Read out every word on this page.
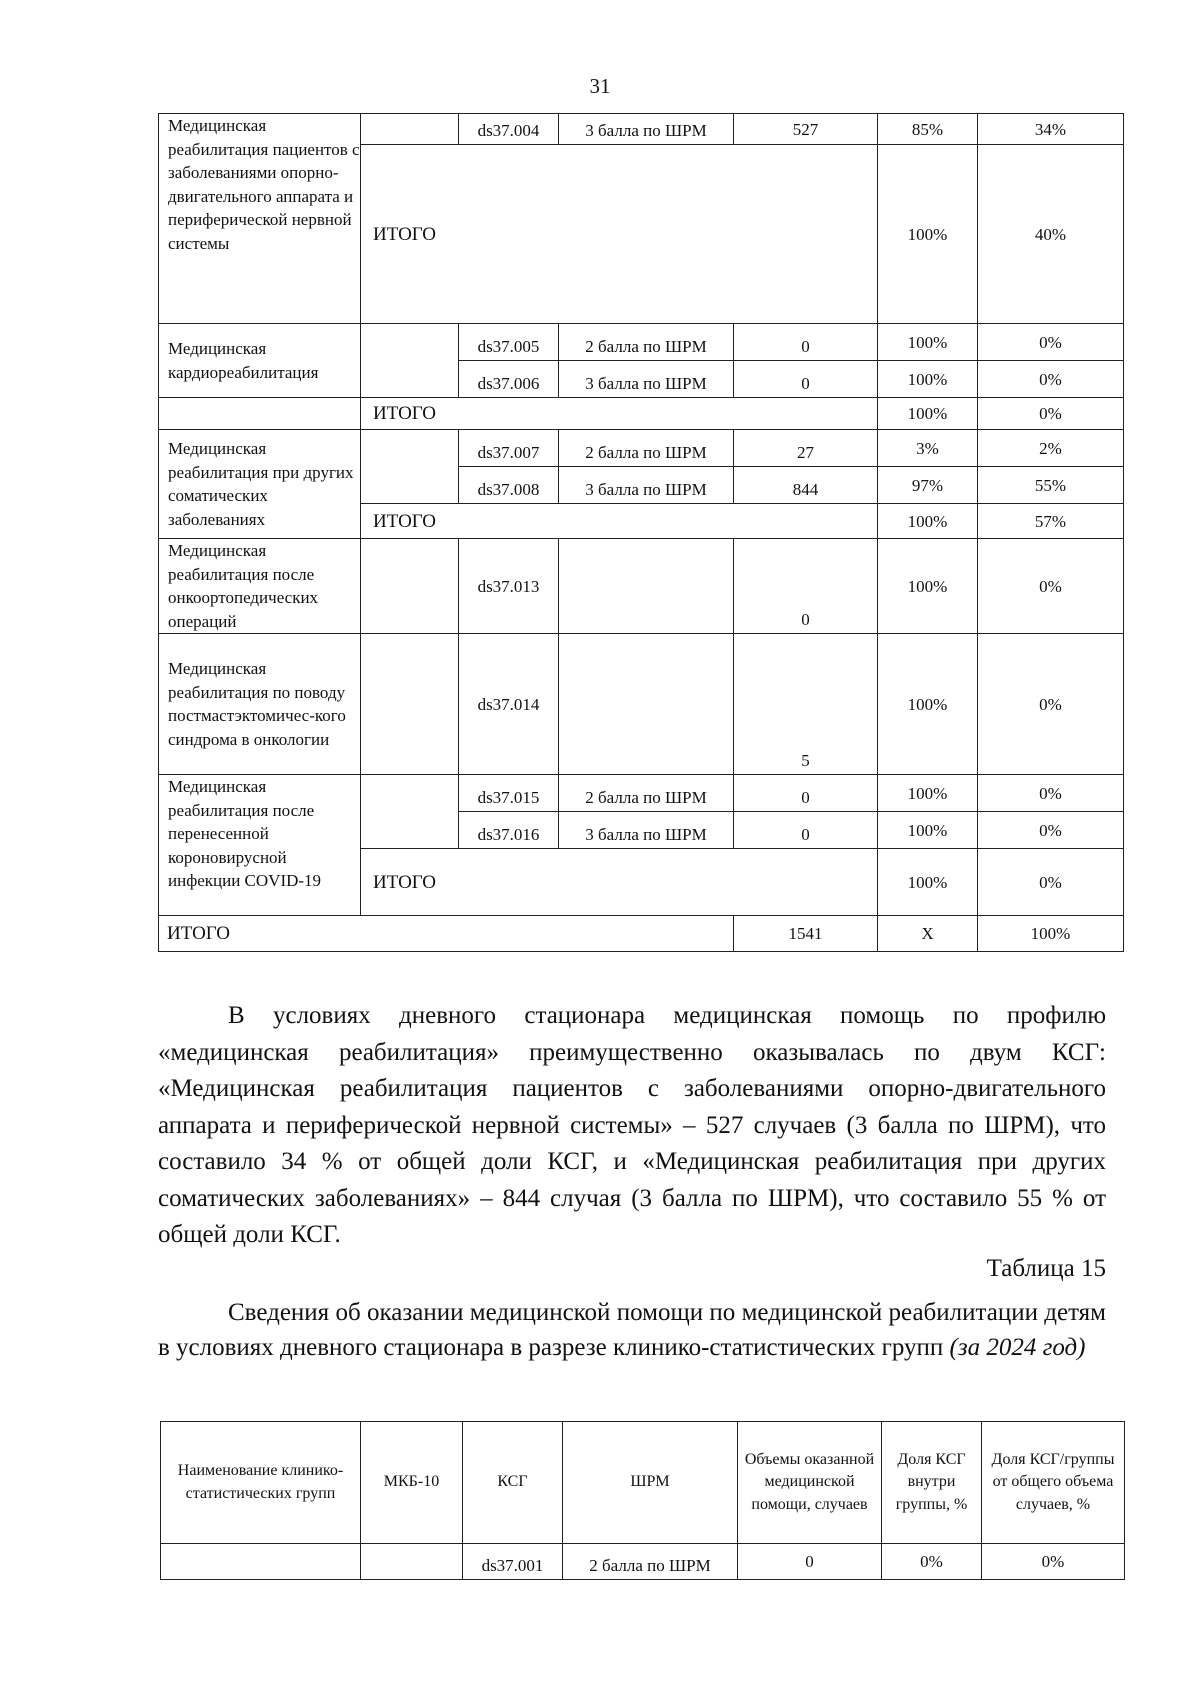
31
Медицинская реабилитация пациентов с заболеваниями опорно-двигательного аппарата и периферической нервной системы		ds37.004	3 балла по ШРМ	527	85%	34%
	ИТОГО				100%	40%
Медицинская кардиореабилитация		ds37.005	2 балла по ШРМ	0	100%	0%
		ds37.006	3 балла по ШРМ	0	100%	0%
	ИТОГО				100%	0%
Медицинская реабилитация при других соматических заболеваниях		ds37.007	2 балла по ШРМ	27	3%	2%
		ds37.008	3 балла по ШРМ	844	97%	55%
	ИТОГО				100%	57%
Медицинская реабилитация после онкоортопедических операций		ds37.013		0	100%	0%
Медицинская реабилитация по поводу постмастэктомичес-кого синдрома в онкологии		ds37.014		5	100%	0%
Медицинская реабилитация после перенесенной короновирусной инфекции COVID-19		ds37.015	2 балла по ШРМ	0	100%	0%
		ds37.016	3 балла по ШРМ	0	100%	0%
	ИТОГО				100%	0%
ИТОГО				1541	Х	100%

В условиях дневного стационара медицинская помощь по профилю «медицинская реабилитация» преимущественно оказывалась по двум КСГ: «Медицинская реабилитация пациентов с заболеваниями опорно-двигательного аппарата и периферической нервной системы» – 527 случаев (3 балла по ШРМ), что составило 34 % от общей доли КСГ, и «Медицинская реабилитация при других соматических заболеваниях» – 844 случая (3 балла по ШРМ), что составило 55 % от общей доли КСГ.

Таблица 15

Сведения об оказании медицинской помощи по медицинской реабилитации детям в условиях дневного стационара в разрезе клинико-статистических групп (за 2024 год)

Наименование клинико-статистических групп	МКБ-10	КСГ	ШРМ	Объемы оказанной медицинской помощи, случаев	Доля КСГ внутри группы, %	Доля КСГ/группы от общего объема случаев, %
		ds37.001	2 балла по ШРМ	0	0%	0%
